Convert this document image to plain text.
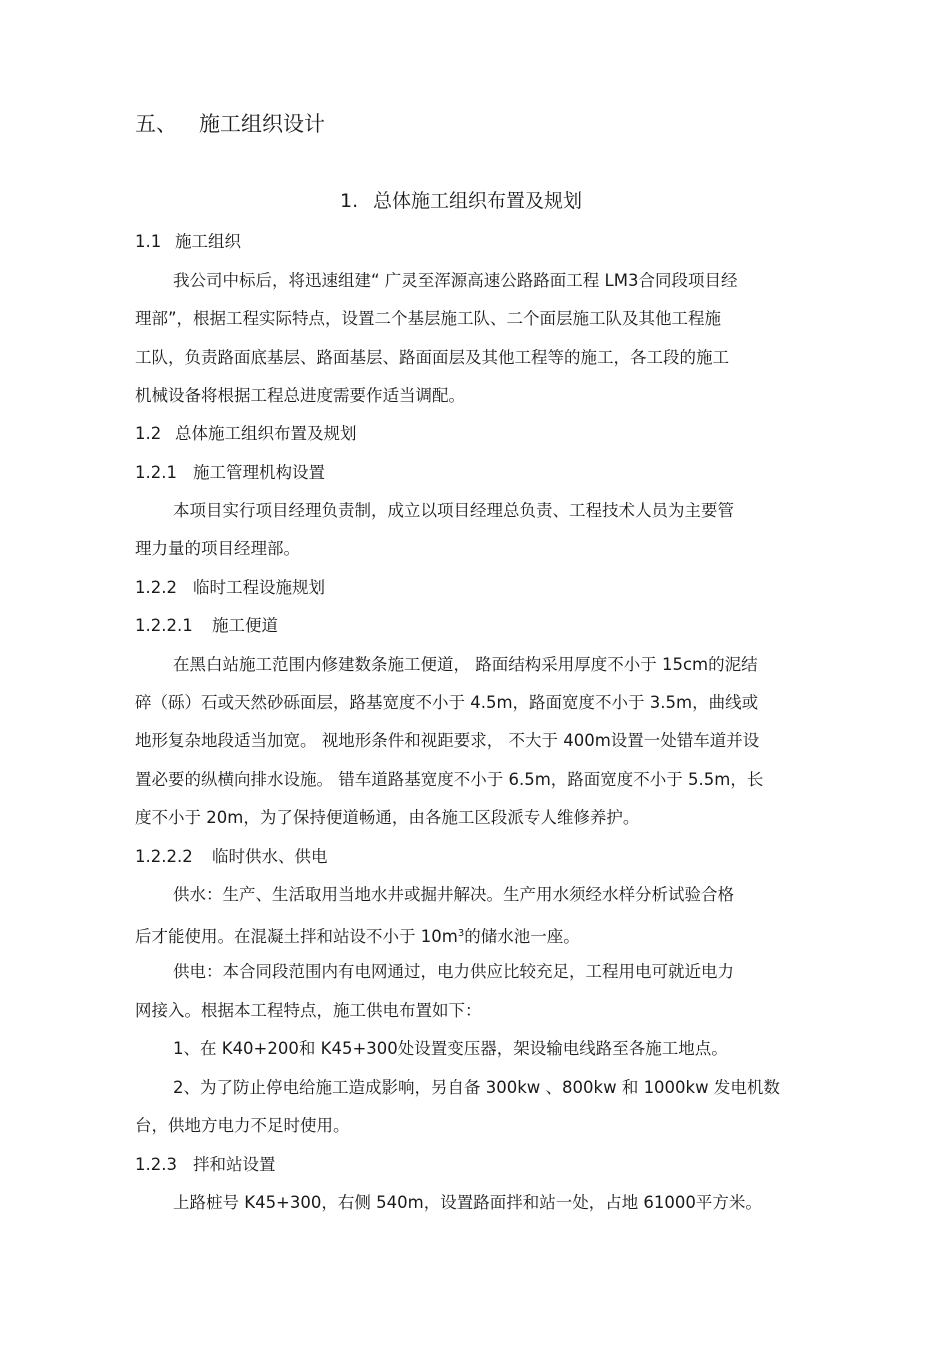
五、 施工组织设计
1. 总体施工组织布置及规划
1.1 施工组织
我公司中标后，将迅速组建“ 广灵至浑源高速公路路面工程 LM3合同段项目经
理部”，根据工程实际特点，设置二个基层施工队、二个面层施工队及其他工程施
工队，负责路面底基层、路面基层、路面面层及其他工程等的施工，各工段的施工
机械设备将根据工程总进度需要作适当调配。
1.2 总体施工组织布置及规划
1.2.1 施工管理机构设置
本项目实行项目经理负责制，成立以项目经理总负责、工程技术人员为主要管
理力量的项目经理部。
1.2.2 临时工程设施规划
1.2.2.1 施工便道
在黑白站施工范围内修建数条施工便道， 路面结构采用厚度不小于 15cm的泥结
碎（砾）石或天然砂砾面层，路基宽度不小于 4.5m，路面宽度不小于 3.5m，曲线或
地形复杂地段适当加宽。 视地形条件和视距要求， 不大于 400m设置一处错车道并设
置必要的纵横向排水设施。 错车道路基宽度不小于 6.5m，路面宽度不小于 5.5m，长
度不小于 20m，为了保持便道畅通，由各施工区段派专人维修养护。
1.2.2.2 临时供水、供电
供水：生产、生活取用当地水井或掘井解决。生产用水须经水样分析试验合格
后才能使用。在混凝土拌和站设不小于 $10m^3$的储水池一座。
供电：本合同段范围内有电网通过，电力供应比较充足，工程用电可就近电力
网接入。根据本工程特点，施工供电布置如下：
1、在 K40+200和 K45+300处设置变压器，架设输电线路至各施工地点。
2、为了防止停电给施工造成影响，另自备 300kw 、800kw 和 1000kw 发电机数
台，供地方电力不足时使用。
1.2.3 拌和站设置
上路桩号 K45+300，右侧 540m，设置路面拌和站一处，占地 61000平方米。
